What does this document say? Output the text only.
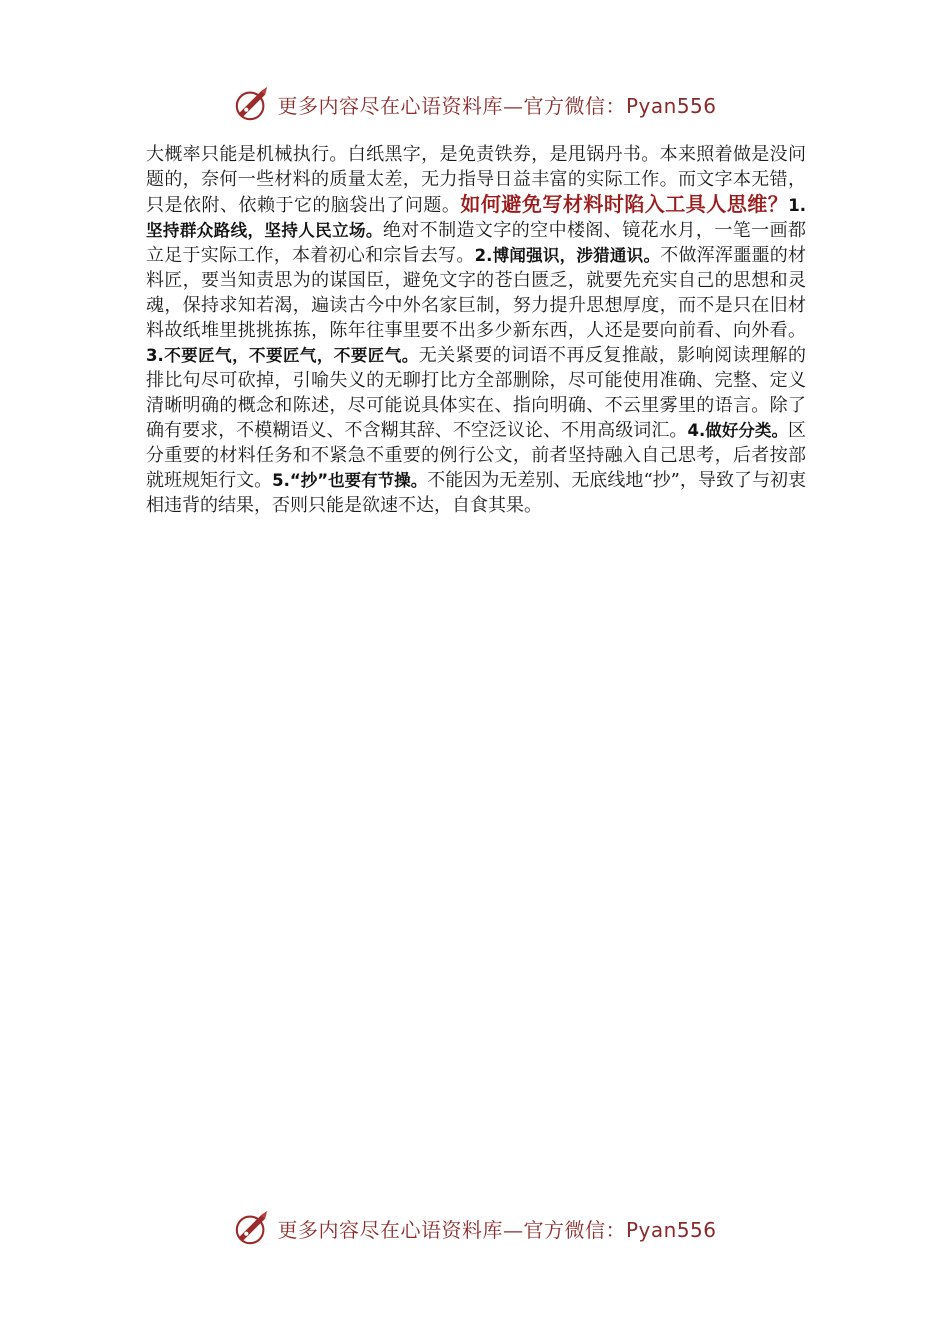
更多内容尽在心语资料库—官方微信：Pyan556

大概率只能是机械执行。白纸黑字，是免责铁券，是甩锅丹书。本来照着做是没问题的，奈何一些材料的质量太差，无力指导日益丰富的实际工作。而文字本无错，只是依附、依赖于它的脑袋出了问题。如何避免写材料时陷入工具人思维？1.坚持群众路线，坚持人民立场。绝对不制造文字的空中楼阁、镜花水月，一笔一画都立足于实际工作，本着初心和宗旨去写。2.博闻强识，涉猎通识。不做浑浑噩噩的材料匠，要当知责思为的谋国臣，避免文字的苍白匮乏，就要先充实自己的思想和灵魂，保持求知若渴，遍读古今中外名家巨制，努力提升思想厚度，而不是只在旧材料故纸堆里挑挑拣拣，陈年往事里要不出多少新东西，人还是要向前看、向外看。3.不要匠气，不要匠气，不要匠气。无关紧要的词语不再反复推敲，影响阅读理解的排比句尽可砍掉，引喻失义的无聊打比方全部删除，尽可能使用准确、完整、定义清晰明确的概念和陈述，尽可能说具体实在、指向明确、不云里雾里的语言。除了确有要求，不模糊语义、不含糊其辞、不空泛议论、不用高级词汇。4.做好分类。区分重要的材料任务和不紧急不重要的例行公文，前者坚持融入自己思考，后者按部就班规矩行文。5.“抄”也要有节操。不能因为无差别、无底线地“抄”，导致了与初衷相违背的结果，否则只能是欲速不达，自食其果。

更多内容尽在心语资料库—官方微信：Pyan556
